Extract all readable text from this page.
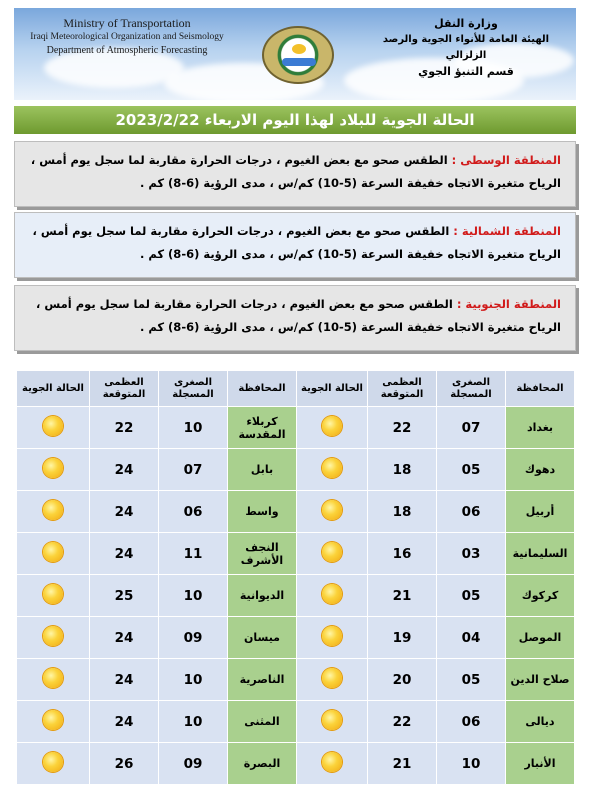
Ministry of Transportation
Iraqi Meteorological Organization and Seismology
Department of Atmospheric Forecasting
وزارة النقل
الهيئة العامة للأنواء الجوية والرصد الزلزالي
قسم التنبؤ الجوي
الحالة الجوية للبلاد لهذا اليوم الاربعاء 2023/2/22
المنطقة الوسطى : الطقس صحو مع بعض الغيوم ، درجات الحرارة مقاربة لما سجل يوم أمس ، الرياح متغيرة الاتجاه خفيفة السرعة (5-10) كم/س ، مدى الرؤية (6-8) كم .
المنطقة الشمالية : الطقس صحو مع بعض الغيوم ، درجات الحرارة مقاربة لما سجل يوم أمس ، الرياح متغيرة الاتجاه خفيفة السرعة (5-10) كم/س ، مدى الرؤية (6-8) كم .
المنطقة الجنوبية : الطقس صحو مع بعض الغيوم ، درجات الحرارة مقاربة لما سجل يوم أمس ، الرياح متغيرة الاتجاه خفيفة السرعة (5-10) كم/س ، مدى الرؤية (6-8) كم .
المحافظة	الصغرى المسجلة	العظمى المتوقعة	الحالة الجوية	المحافظة	الصغرى المسجلة	العظمى المتوقعة	الحالة الجوية
بغداد	07	22		كربلاء المقدسة	10	22	
دهوك	05	18		بابل	07	24	
أربيل	06	18		واسط	06	24	
السليمانية	03	16		النجف الأشرف	11	24	
كركوك	05	21		الديوانية	10	25	
الموصل	04	19		ميسان	09	24	
صلاح الدين	05	20		الناصرية	10	24	
ديالى	06	22		المثنى	10	24	
الأنبار	10	21		البصرة	09	26	
